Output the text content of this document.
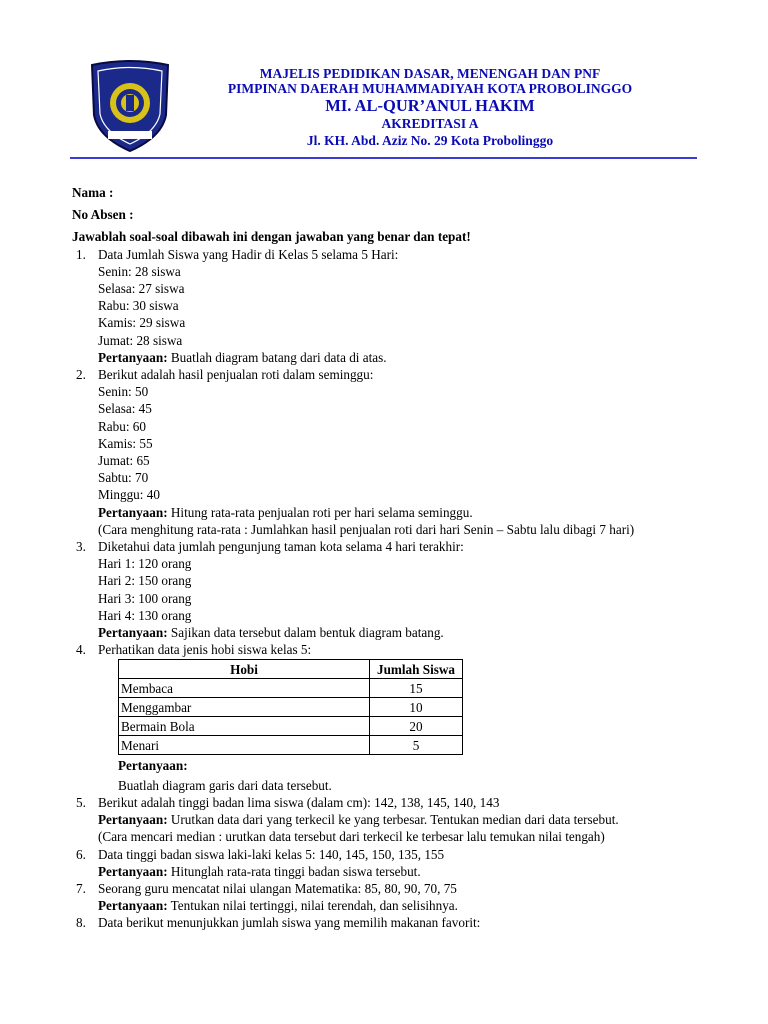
MAJELIS PEDIDIKAN DASAR, MENENGAH DAN PNF
PIMPINAN DAERAH MUHAMMADIYAH KOTA PROBOLINGGO
MI. AL-QUR’ANUL HAKIM
AKREDITASI A
Jl. KH. Abd. Aziz No. 29 Kota Probolinggo
Nama :
No Absen :
Jawablah soal-soal dibawah ini dengan jawaban yang benar dan tepat!
1. Data Jumlah Siswa yang Hadir di Kelas 5 selama 5 Hari:
Senin: 28 siswa
Selasa: 27 siswa
Rabu: 30 siswa
Kamis: 29 siswa
Jumat: 28 siswa
Pertanyaan: Buatlah diagram batang dari data di atas.
2. Berikut adalah hasil penjualan roti dalam seminggu:
Senin: 50
Selasa: 45
Rabu: 60
Kamis: 55
Jumat: 65
Sabtu: 70
Minggu: 40
Pertanyaan: Hitung rata-rata penjualan roti per hari selama seminggu.
(Cara menghitung rata-rata : Jumlahkan hasil penjualan roti dari hari Senin – Sabtu lalu dibagi 7 hari)
3. Diketahui data jumlah pengunjung taman kota selama 4 hari terakhir:
Hari 1: 120 orang
Hari 2: 150 orang
Hari 3: 100 orang
Hari 4: 130 orang
Pertanyaan: Sajikan data tersebut dalam bentuk diagram batang.
4. Perhatikan data jenis hobi siswa kelas 5:
Hobi	Jumlah Siswa
Membaca	15
Menggambar	10
Bermain Bola	20
Menari	5
Pertanyaan:
Buatlah diagram garis dari data tersebut.
5. Berikut adalah tinggi badan lima siswa (dalam cm): 142, 138, 145, 140, 143
Pertanyaan: Urutkan data dari yang terkecil ke yang terbesar. Tentukan median dari data tersebut.
(Cara mencari median : urutkan data tersebut dari terkecil ke terbesar lalu temukan nilai tengah)
6. Data tinggi badan siswa laki-laki kelas 5: 140, 145, 150, 135, 155
Pertanyaan: Hitunglah rata-rata tinggi badan siswa tersebut.
7. Seorang guru mencatat nilai ulangan Matematika: 85, 80, 90, 70, 75
Pertanyaan: Tentukan nilai tertinggi, nilai terendah, dan selisihnya.
8. Data berikut menunjukkan jumlah siswa yang memilih makanan favorit:
